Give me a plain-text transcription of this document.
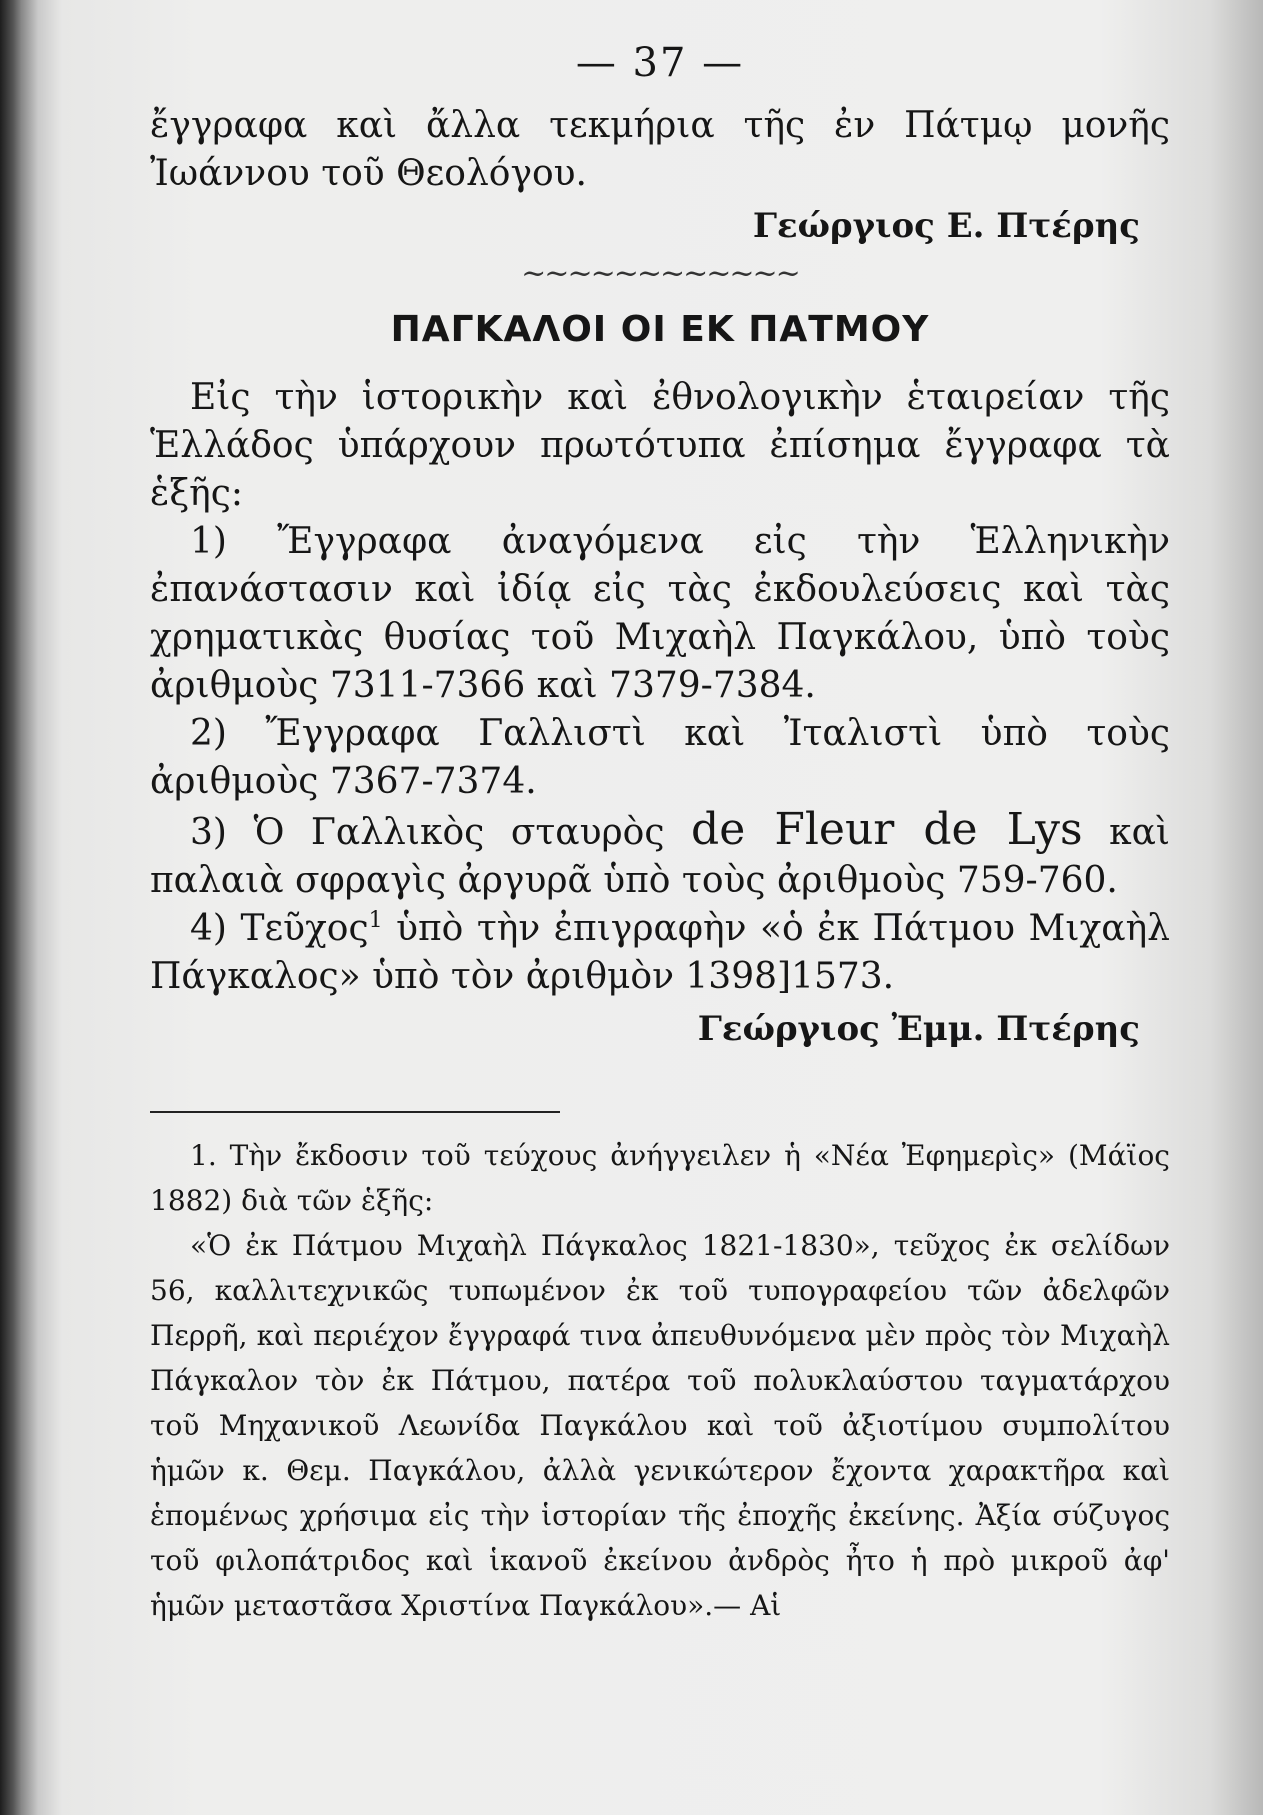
— 37 —

ἔγγραφα καὶ ἄλλα τεκμήρια τῆς ἐν Πάτμῳ μονῆς Ἰωάννου τοῦ Θεολόγου.

Γεώργιος Ε. Πτέρης
~~~~~~~~~~~~
ΠΑΓΚΑΛΟΙ ΟΙ ΕΚ ΠΑΤΜΟΥ

Εἰς τὴν ἱστορικὴν καὶ ἐθνολογικὴν ἑταιρείαν τῆς Ἑλλάδος ὑπάρχουν πρωτότυπα ἐπίσημα ἔγγραφα τὰ ἑξῆς:

1) Ἔγγραφα ἀναγόμενα εἰς τὴν Ἑλληνικὴν ἐπανάστασιν καὶ ἰδίᾳ εἰς τὰς ἐκδουλεύσεις καὶ τὰς χρηματικὰς θυσίας τοῦ Μιχαὴλ Παγκάλου, ὑπὸ τοὺς ἀριθμοὺς 7311-7366 καὶ 7379-7384.

2) Ἔγγραφα Γαλλιστὶ καὶ Ἰταλιστὶ ὑπὸ τοὺς ἀριθμοὺς 7367-7374.

3) Ὁ Γαλλικὸς σταυρὸς de Fleur de Lys καὶ παλαιὰ σφραγὶς ἀργυρᾶ ὑπὸ τοὺς ἀριθμοὺς 759-760.

4) Τεῦχος$^1$ ὑπὸ τὴν ἐπιγραφὴν «ὁ ἐκ Πάτμου Μιχαὴλ Πάγκαλος» ὑπὸ τὸν ἀριθμὸν 1398]1573.

Γεώργιος Ἐμμ. Πτέρης

1. Τὴν ἔκδοσιν τοῦ τεύχους ἀνήγγειλεν ἡ «Νέα Ἐφημερὶς» (Μάϊος 1882) διὰ τῶν ἑξῆς:

«Ὁ ἐκ Πάτμου Μιχαὴλ Πάγκαλος 1821-1830», τεῦχος ἐκ σελίδων 56, καλλιτεχνικῶς τυπωμένον ἐκ τοῦ τυπογραφείου τῶν ἀδελφῶν Περρῆ, καὶ περιέχον ἔγγραφά τινα ἀπευθυνόμενα μὲν πρὸς τὸν Μιχαὴλ Πάγκαλον τὸν ἐκ Πάτμου, πατέρα τοῦ πολυκλαύστου ταγματάρχου τοῦ Μηχανικοῦ Λεωνίδα Παγκάλου καὶ τοῦ ἀξιοτίμου συμπολίτου ἡμῶν κ. Θεμ. Παγκάλου, ἀλλὰ γενικώτερον ἔχοντα χαρακτῆρα καὶ ἑπομένως χρήσιμα εἰς τὴν ἱστορίαν τῆς ἐποχῆς ἐκείνης. Ἀξία σύζυγος τοῦ φιλοπάτριδος καὶ ἱκανοῦ ἐκείνου ἀνδρὸς ἦτο ἡ πρὸ μικροῦ ἀφ' ἡμῶν μεταστᾶσα Χριστίνα Παγκάλου».— Αἱ
